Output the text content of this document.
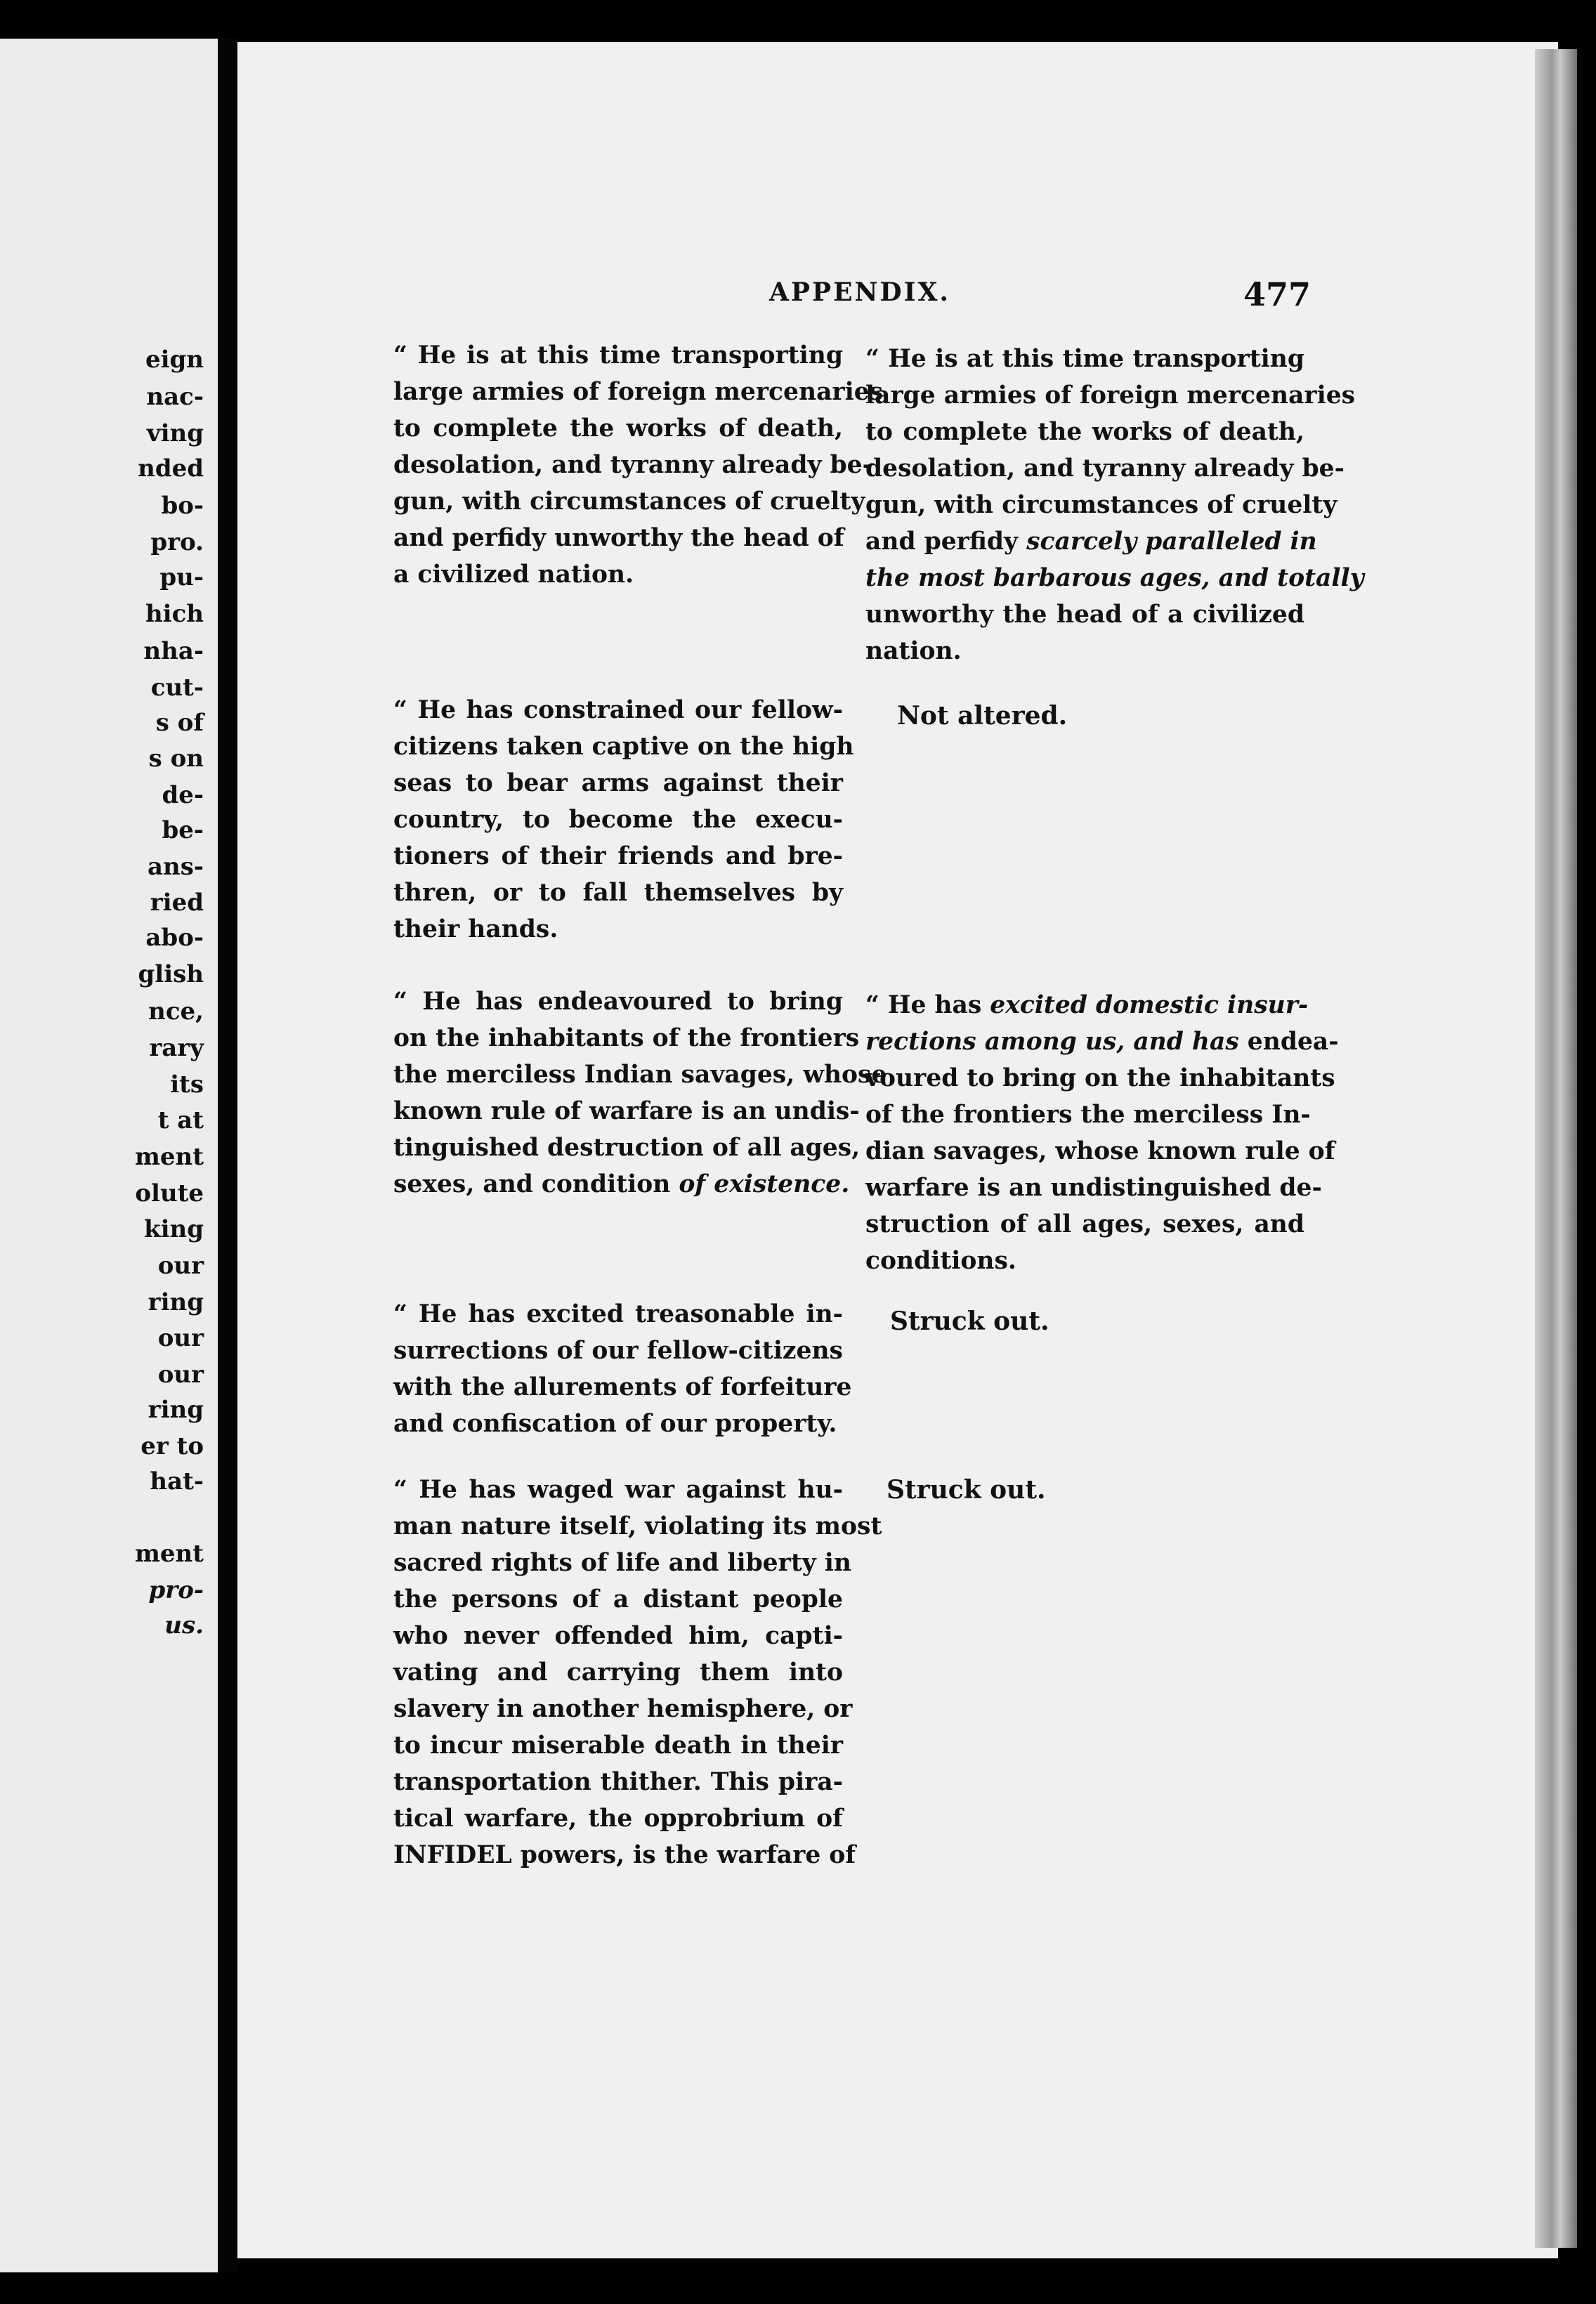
eign
nac-
ving
nded
bo-
pro.
pu-
hich
nha-
cut-
s of
s on
de-
be-
ans-
ried
abo-
glish
nce,
rary
its
t at
ment
olute
king
our
ring
our
our
ring
er to
hat-
ment
pro-
us.
APPENDIX.	477
“ He is at this time transporting
large armies of foreign mercenaries
to complete the works of death,
desolation, and tyranny already be-
gun, with circumstances of cruelty
and perfidy unworthy the head of
a civilized nation.
“ He has constrained our fellow-
citizens taken captive on the high
seas to bear arms against their
country, to become the execu-
tioners of their friends and bre-
thren, or to fall themselves by
their hands.
“ He has endeavoured to bring
on the inhabitants of the frontiers
the merciless Indian savages, whose
known rule of warfare is an undis-
tinguished destruction of all ages,
sexes, and condition of existence.
“ He has excited treasonable in-
surrections of our fellow-citizens
with the allurements of forfeiture
and confiscation of our property.
“ He has waged war against hu-
man nature itself, violating its most
sacred rights of life and liberty in
the persons of a distant people
who never offended him, capti-
vating and carrying them into
slavery in another hemisphere, or
to incur miserable death in their
transportation thither. This pira-
tical warfare, the opprobrium of
INFIDEL powers, is the warfare of
“ He is at this time transporting
large armies of foreign mercenaries
to complete the works of death,
desolation, and tyranny already be-
gun, with circumstances of cruelty
and perfidy scarcely paralleled in
the most barbarous ages, and totally
unworthy the head of a civilized
nation.
Not altered.
“ He has excited domestic insur-
rections among us, and has endea-
voured to bring on the inhabitants
of the frontiers the merciless In-
dian savages, whose known rule of
warfare is an undistinguished de-
struction of all ages, sexes, and
conditions.
Struck out.
Struck out.
